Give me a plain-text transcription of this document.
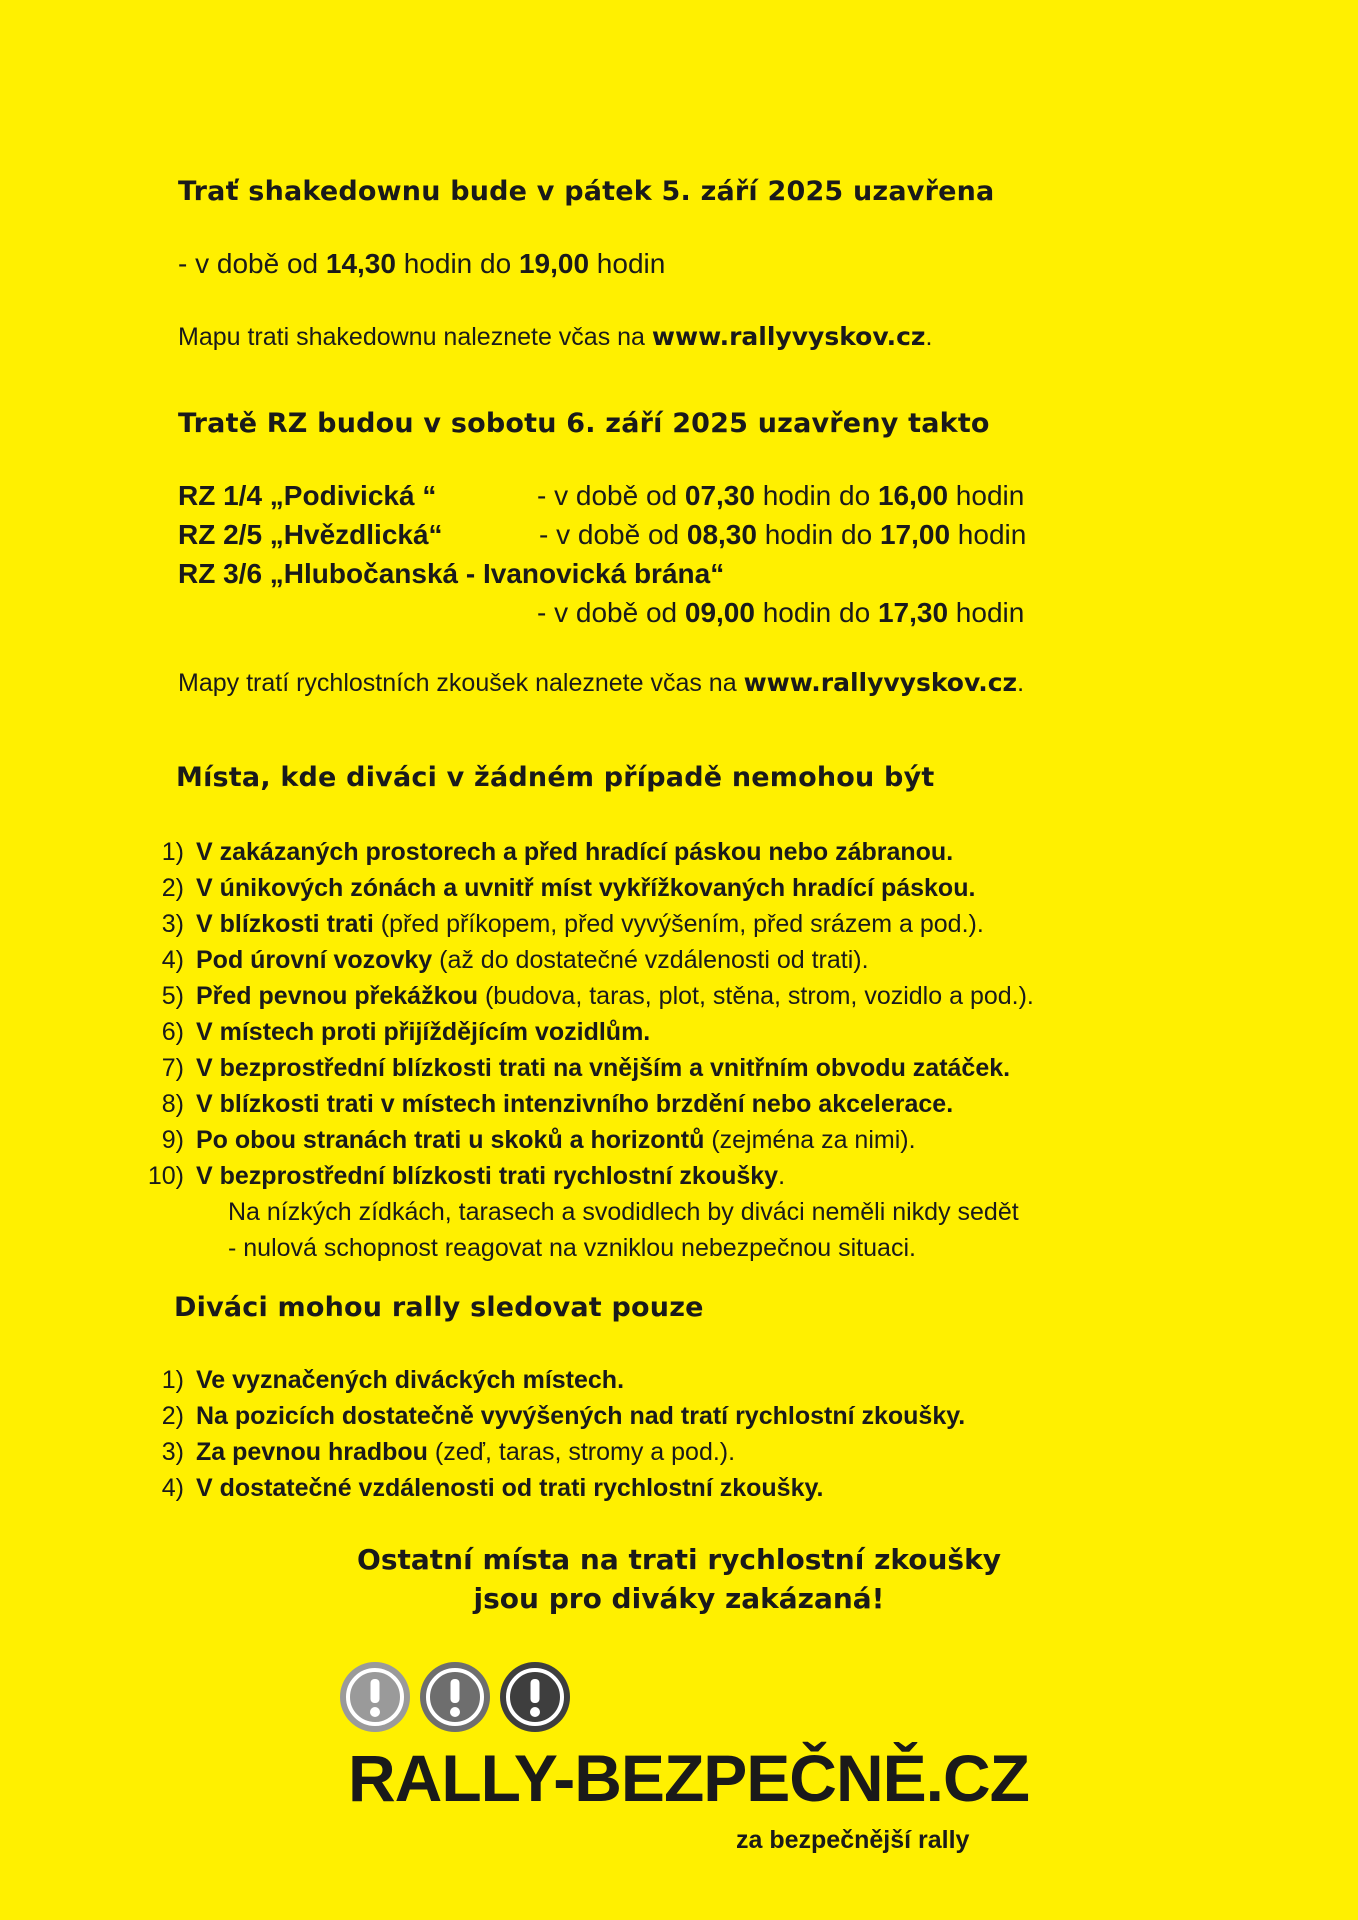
Trať shakedownu bude v pátek 5. září 2025 uzavřena
- v době od 14,30 hodin do 19,00 hodin
Mapu trati shakedownu naleznete včas na www.rallyvyskov.cz.
Tratě RZ budou v sobotu 6. září 2025 uzavřeny takto
RZ 1/4 „Podivická “	- v době od 07,30 hodin do 16,00 hodin
RZ 2/5 „Hvězdlická“	- v době od 08,30 hodin do 17,00 hodin
RZ 3/6 „Hlubočanská - Ivanovická brána“
- v době od 09,00 hodin do 17,30 hodin
Mapy tratí rychlostních zkoušek naleznete včas na www.rallyvyskov.cz.
Místa, kde diváci v žádném případě nemohou být
1) V zakázaných prostorech a před hradící páskou nebo zábranou.
2) V únikových zónách a uvnitř míst vykřížkovaných hradící páskou.
3) V blízkosti trati (před příkopem, před vyvýšením, před srázem a pod.).
4) Pod úrovní vozovky (až do dostatečné vzdálenosti od trati).
5) Před pevnou překážkou (budova, taras, plot, stěna, strom, vozidlo a pod.).
6) V místech proti přijíždějícím vozidlům.
7) V bezprostřední blízkosti trati na vnějším a vnitřním obvodu zatáček.
8) V blízkosti trati v místech intenzivního brzdění nebo akcelerace.
9) Po obou stranách trati u skoků a horizontů (zejména za nimi).
10) V bezprostřední blízkosti trati rychlostní zkoušky.
Na nízkých zídkách, tarasech a svodidlech by diváci neměli nikdy sedět
- nulová schopnost reagovat na vzniklou nebezpečnou situaci.
Diváci mohou rally sledovat pouze
1) Ve vyznačených diváckých místech.
2) Na pozicích dostatečně vyvýšených nad tratí rychlostní zkoušky.
3) Za pevnou hradbou (zeď, taras, stromy a pod.).
4) V dostatečné vzdálenosti od trati rychlostní zkoušky.
Ostatní místa na trati rychlostní zkoušky
jsou pro diváky zakázaná!
RALLY-BEZPEČNĚ.CZ
za bezpečnější rally
